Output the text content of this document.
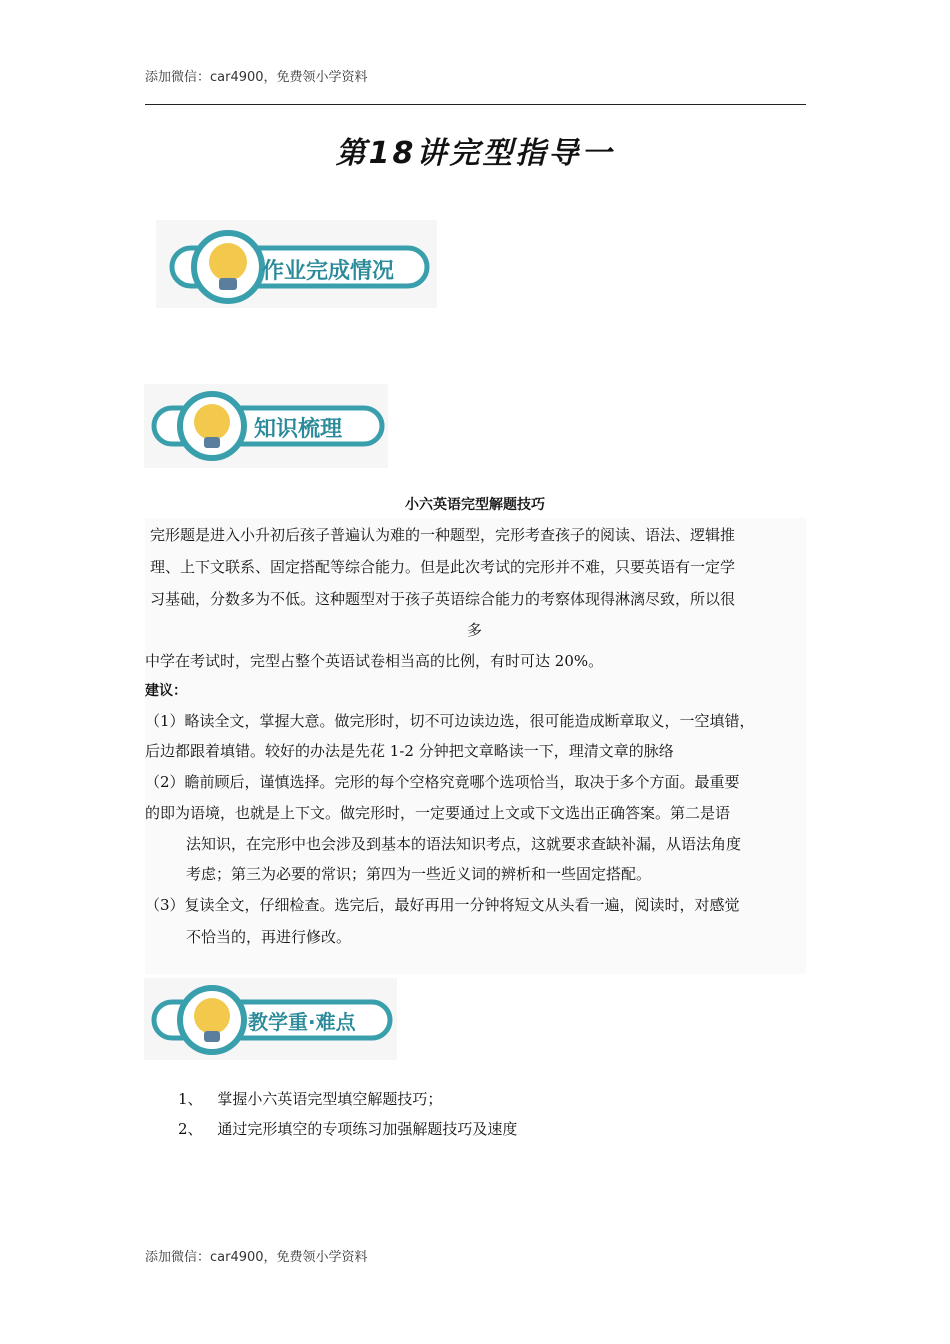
添加微信：car4900，免费领小学资料
第18讲完型指导一
作业完成情况
知识梳理
小六英语完型解题技巧
完形题是进入小升初后孩子普遍认为难的一种题型，完形考查孩子的阅读、语法、逻辑推
理、上下文联系、固定搭配等综合能力。但是此次考试的完形并不难，只要英语有一定学
习基础，分数多为不低。这种题型对于孩子英语综合能力的考察体现得淋漓尽致，所以很
多
中学在考试时，完型占整个英语试卷相当高的比例，有时可达 20%。
建议：
（1）略读全文，掌握大意。做完形时，切不可边读边选，很可能造成断章取义，一空填错，
后边都跟着填错。较好的办法是先花 1-2 分钟把文章略读一下，理清文章的脉络
（2）瞻前顾后，谨慎选择。完形的每个空格究竟哪个选项恰当，取决于多个方面。最重要
的即为语境，也就是上下文。做完形时，一定要通过上文或下文选出正确答案。第二是语
法知识，在完形中也会涉及到基本的语法知识考点，这就要求查缺补漏，从语法角度
考虑；第三为必要的常识；第四为一些近义词的辨析和一些固定搭配。
（3）复读全文，仔细检查。选完后，最好再用一分钟将短文从头看一遍，阅读时，对感觉
不恰当的，再进行修改。
教学重·难点
1、 掌握小六英语完型填空解题技巧；
2、 通过完形填空的专项练习加强解题技巧及速度
添加微信：car4900，免费领小学资料
